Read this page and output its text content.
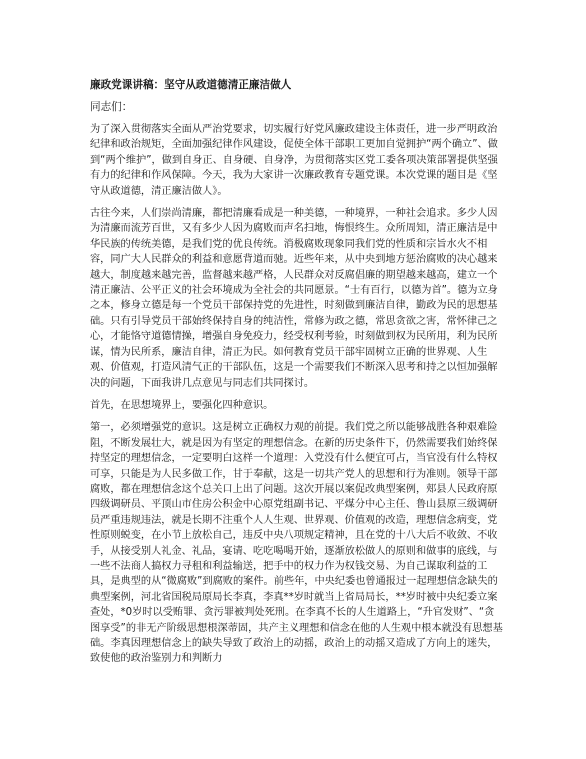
廉政党课讲稿：坚守从政道德清正廉洁做人
同志们：

为了深入贯彻落实全面从严治党要求，切实履行好党风廉政建设主体责任，进一步严明政治纪律和政治规矩，全面加强纪律作风建设，促使全体干部职工更加自觉拥护“两个确立”、做到“两个维护”，做到自身正、自身硬、自身净，为贯彻落实区党工委各项决策部署提供坚强有力的纪律和作风保障。今天，我为大家讲一次廉政教育专题党课。本次党课的题目是《坚守从政道德，清正廉洁做人》。

古往今来，人们崇尚清廉，都把清廉看成是一种美德，一种境界，一种社会追求。多少人因为清廉而流芳百世，又有多少人因为腐败而声名扫地，悔恨终生。众所周知，清正廉洁是中华民族的传统美德，是我们党的优良传统。消极腐败现象同我们党的性质和宗旨水火不相容，同广大人民群众的利益和意愿背道而驰。近些年来，从中央到地方惩治腐败的决心越来越大，制度越来越完善，监督越来越严格，人民群众对反腐倡廉的期望越来越高，建立一个清正廉洁、公平正义的社会环境成为全社会的共同愿景。“士有百行，以德为首”。德为立身之本，修身立德是每一个党员干部保持党的先进性，时刻做到廉洁自律，勤政为民的思想基础。只有引导党员干部始终保持自身的纯洁性，常修为政之德，常思贪欲之害，常怀律己之心，才能恪守道德情操，增强自身免疫力，经受权利考验，时刻做到权为民所用，利为民所谋，情为民所系，廉洁自律，清正为民。如何教育党员干部牢固树立正确的世界观、人生观、价值观，打造风清气正的干部队伍，这是一个需要我们不断深入思考和持之以恒加强解决的问题，下面我讲几点意见与同志们共同探讨。

首先，在思想境界上，要强化四种意识。

第一，必须增强党的意识。这是树立正确权力观的前提。我们党之所以能够战胜各种艰难险阻，不断发展壮大，就是因为有坚定的理想信念。在新的历史条件下，仍然需要我们始终保持坚定的理想信念，一定要明白这样一个道理：入党没有什么便宜可占，当官没有什么特权可享，只能是为人民多做工作，甘于奉献，这是一切共产党人的思想和行为准则。领导干部腐败，都在理想信念这个总关口上出了问题。这次开展以案促改典型案例，郏县人民政府原四级调研员、平顶山市住房公积金中心原党组副书记、平煤分中心主任、鲁山县原三级调研员严重违规违法，就是长期不注重个人人生观、世界观、价值观的改造，理想信念病变，党性原则蜕变，在小节上放松自己，违反中央八项规定精神，且在党的十八大后不收敛、不收手，从接受别人礼金、礼品，宴请、吃吃喝喝开始，逐渐放松做人的原则和做事的底线，与一些不法商人搞权力寻租和利益输送，把手中的权力作为权钱交易、为自己谋取利益的工具，是典型的从“微腐败”到腐败的案件。前些年，中央纪委也曾通报过一起理想信念缺失的典型案例，河北省国税局原局长李真，李真**岁时就当上省局局长，**岁时被中央纪委立案查处，*0岁时以受贿罪、贪污罪被判处死刑。在李真不长的人生道路上，“升官发财”、“贪图享受”的非无产阶级思想根深蒂固，共产主义理想和信念在他的人生观中根本就没有思想基础。李真因理想信念上的缺失导致了政治上的动摇，政治上的动摇又造成了方向上的迷失，致使他的政治鉴别力和判断力
